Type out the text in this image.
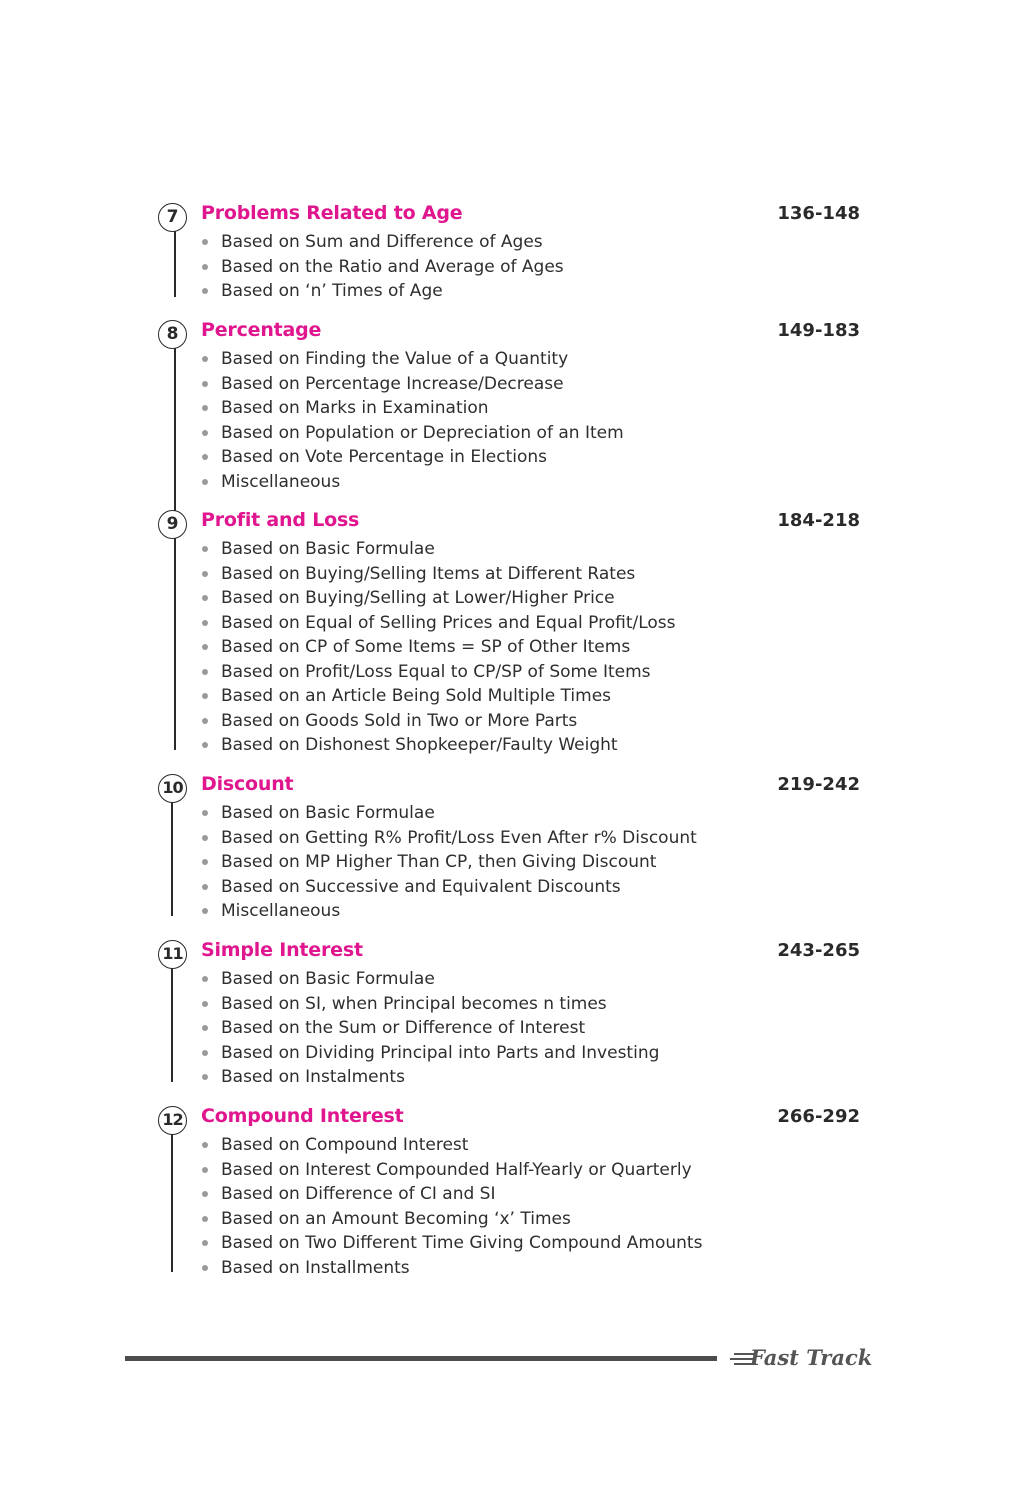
7	Problems Related to Age	136-148
Based on Sum and Difference of Ages
Based on the Ratio and Average of Ages
Based on ‘n’ Times of Age
8	Percentage	149-183
Based on Finding the Value of a Quantity
Based on Percentage Increase/Decrease
Based on Marks in Examination
Based on Population or Depreciation of an Item
Based on Vote Percentage in Elections
Miscellaneous
9	Profit and Loss	184-218
Based on Basic Formulae
Based on Buying/Selling Items at Different Rates
Based on Buying/Selling at Lower/Higher Price
Based on Equal of Selling Prices and Equal Profit/Loss
Based on CP of Some Items = SP of Other Items
Based on Profit/Loss Equal to CP/SP of Some Items
Based on an Article Being Sold Multiple Times
Based on Goods Sold in Two or More Parts
Based on Dishonest Shopkeeper/Faulty Weight
10 Discount	219-242
Based on Basic Formulae
Based on Getting R% Profit/Loss Even After r% Discount
Based on MP Higher Than CP, then Giving Discount
Based on Successive and Equivalent Discounts
Miscellaneous
11 Simple Interest	243-265
Based on Basic Formulae
Based on SI, when Principal becomes n times
Based on the Sum or Difference of Interest
Based on Dividing Principal into Parts and Investing
Based on Instalments
12 Compound Interest	266-292
Based on Compound Interest
Based on Interest Compounded Half-Yearly or Quarterly
Based on Difference of CI and SI
Based on an Amount Becoming ‘x’ Times
Based on Two Different Time Giving Compound Amounts
Based on Installments
Fast Track
